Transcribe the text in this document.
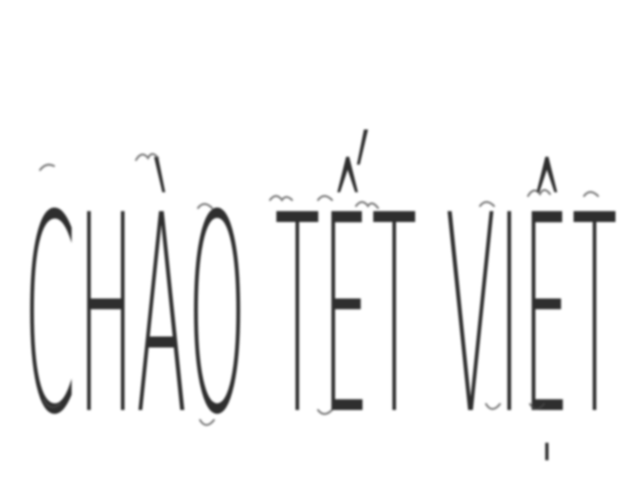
CHÀO TẾT VIỆT
